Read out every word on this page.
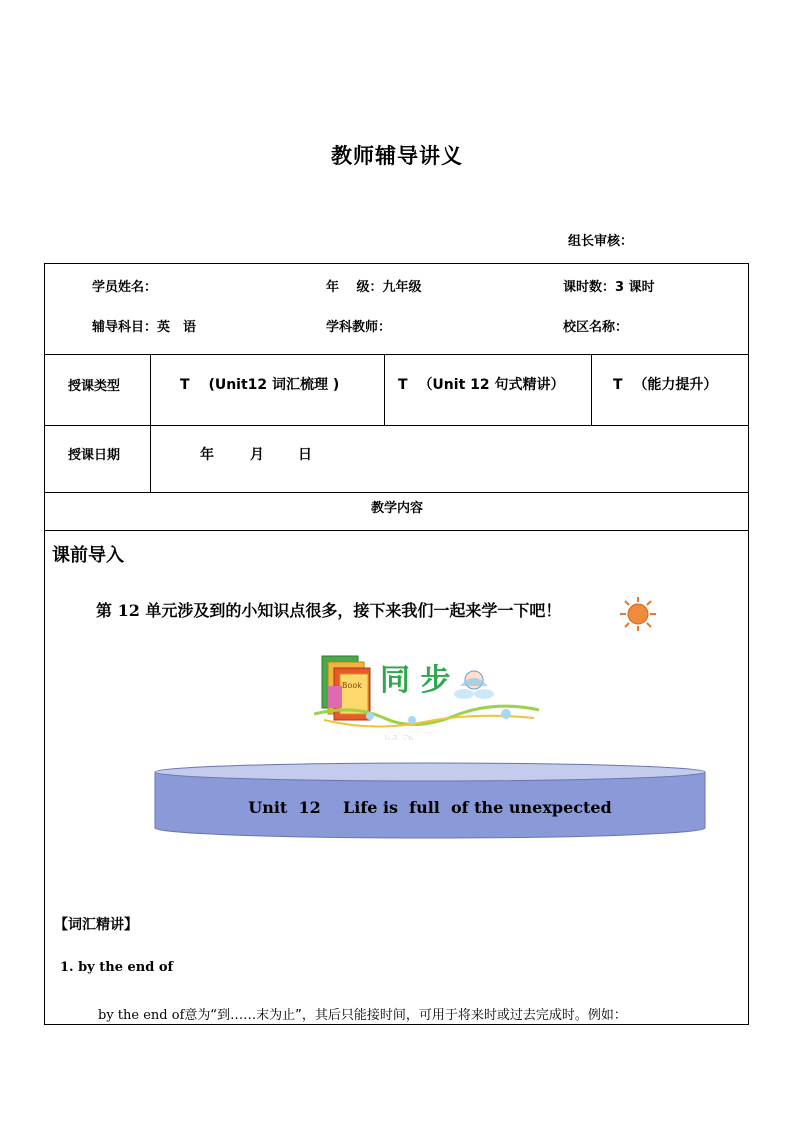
教师辅导讲义
组长审核：
学员姓名：	年　 级：九年级	课时数：3 课时
辅导科目：英　语	学科教师：	校区名称：
授课类型	T (Unit12 词汇梳理 )	T （Unit 12 句式精讲）	T （能力提升）
授课日期	年	月 日
教学内容
课前导入
第 12 单元涉及到的小知识点很多，接下来我们一起来学一下吧！
Book 同 步
同 步
Unit  12    Life is  full  of the unexpected
【词汇精讲】
1. by the end of
by the end of意为“到……末为止”，其后只能接时间，可用于将来时或过去完成时。例如：
